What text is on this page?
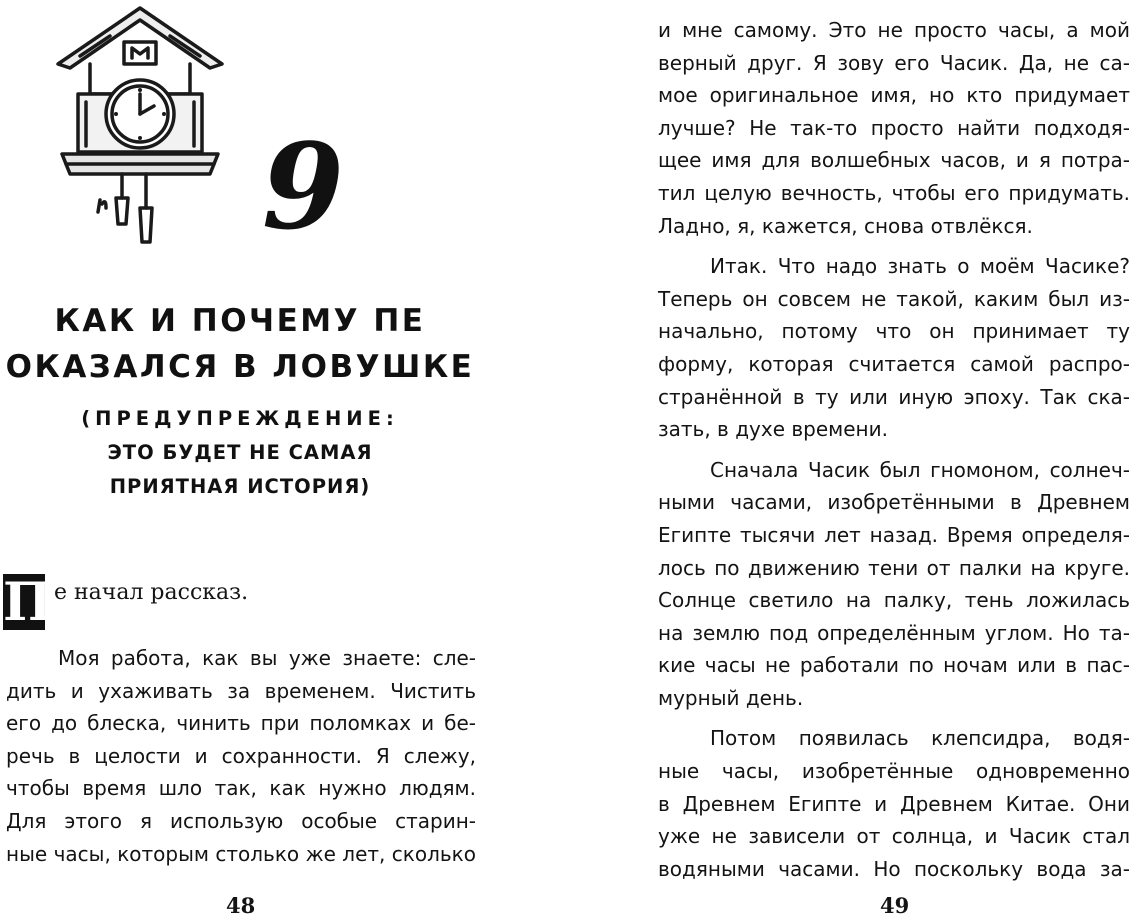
9
КАК И ПОЧЕМУ ПЕ
ОКАЗАЛСЯ В ЛОВУШКЕ
(ПРЕДУПРЕЖДЕНИЕ:
ЭТО БУДЕТ НЕ САМАЯ
ПРИЯТНАЯ ИСТОРИЯ)
П е начал рассказ.
Моя работа, как вы уже знаете: сле-
дить и ухаживать за временем. Чистить
его до блеска, чинить при поломках и бе-
речь в целости и сохранности. Я слежу,
чтобы время шло так, как нужно людям.
Для этого я использую особые старин-
ные часы, которым столько же лет, сколько
48
и мне самому. Это не просто часы, а мой
верный друг. Я зову его Часик. Да, не са-
мое оригинальное имя, но кто придумает
лучше? Не так-то просто найти подходя-
щее имя для волшебных часов, и я потра-
тил целую вечность, чтобы его придумать.
Ладно, я, кажется, снова отвлёкся.
Итак. Что надо знать о моём Часике?
Теперь он совсем не такой, каким был из-
начально, потому что он принимает ту
форму, которая считается самой распро-
странённой в ту или иную эпоху. Так ска-
зать, в духе времени.
Сначала Часик был гномоном, солнеч-
ными часами, изобретёнными в Древнем
Египте тысячи лет назад. Время определя-
лось по движению тени от палки на круге.
Солнце светило на палку, тень ложилась
на землю под определённым углом. Но та-
кие часы не работали по ночам или в пас-
мурный день.
Потом появилась клепсидра, водя-
ные часы, изобретённые одновременно
в Древнем Египте и Древнем Китае. Они
уже не зависели от солнца, и Часик стал
водяными часами. Но поскольку вода за-
49
